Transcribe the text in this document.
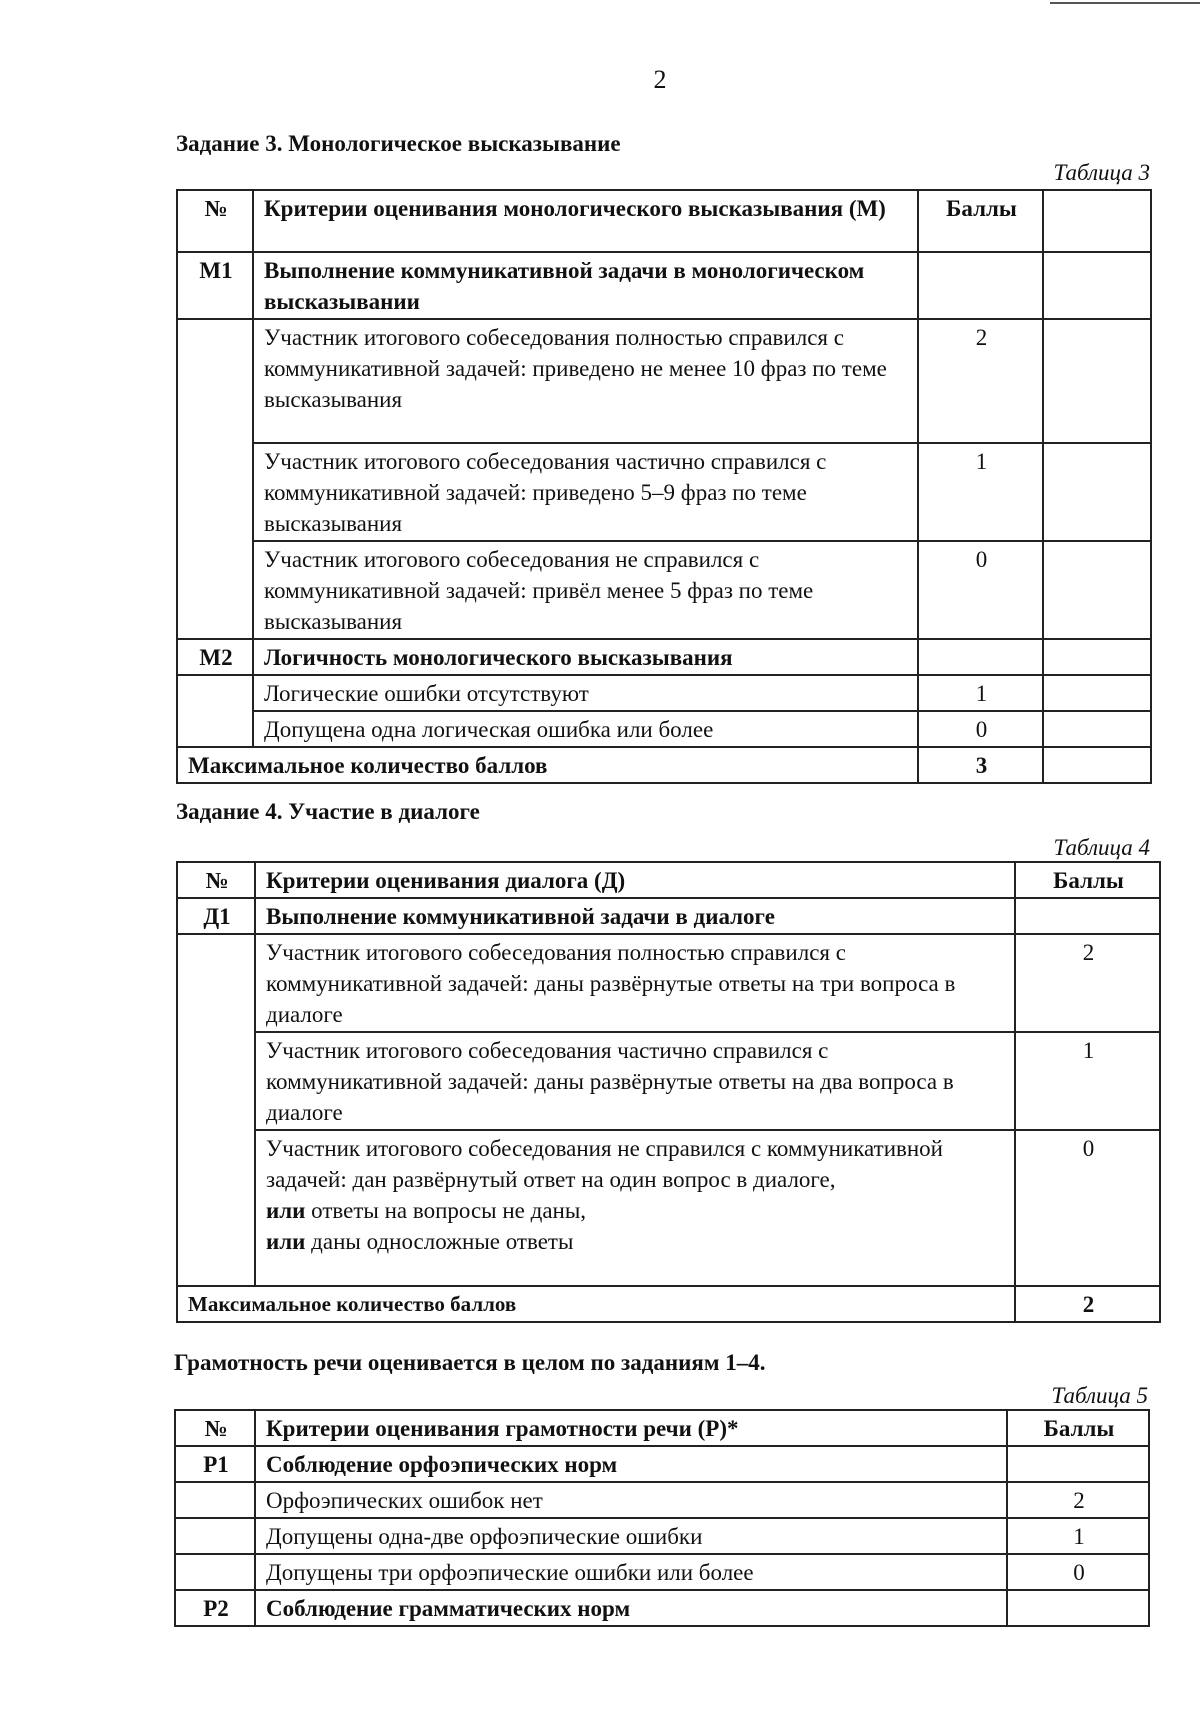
2
Задание 3. Монологическое высказывание
Таблица 3
№	Критерии оценивания монологического высказывания (М)	Баллы	
М1	Выполнение коммуникативной задачи в монологическом высказывании		
	Участник итогового собеседования полностью справился с коммуникативной задачей: приведено не менее 10 фраз по теме высказывания	2	
	Участник итогового собеседования частично справился с коммуникативной задачей: приведено 5–9 фраз по теме высказывания	1	
	Участник итогового собеседования не справился с коммуникативной задачей: привёл менее 5 фраз по теме высказывания	0	
М2	Логичность монологического высказывания		
	Логические ошибки отсутствуют	1	
	Допущена одна логическая ошибка или более	0	
Максимальное количество баллов		3	
Задание 4. Участие в диалоге
Таблица 4
№	Критерии оценивания диалога (Д)	Баллы
Д1	Выполнение коммуникативной задачи в диалоге	
	Участник итогового собеседования полностью справился с коммуникативной задачей: даны развёрнутые ответы на три вопроса в диалоге	2
	Участник итогового собеседования частично справился с коммуникативной задачей: даны развёрнутые ответы на два вопроса в диалоге	1
	Участник итогового собеседования не справился с коммуникативной задачей: дан развёрнутый ответ на один вопрос в диалоге,
или ответы на вопросы не даны,
или даны односложные ответы	0
Максимальное количество баллов		2
Грамотность речи оценивается в целом по заданиям 1–4.
Таблица 5
№	Критерии оценивания грамотности речи (Р)*	Баллы
Р1	Соблюдение орфоэпических норм	
	Орфоэпических ошибок нет	2
	Допущены одна-две орфоэпические ошибки	1
	Допущены три орфоэпические ошибки или более	0
Р2	Соблюдение грамматических норм	
